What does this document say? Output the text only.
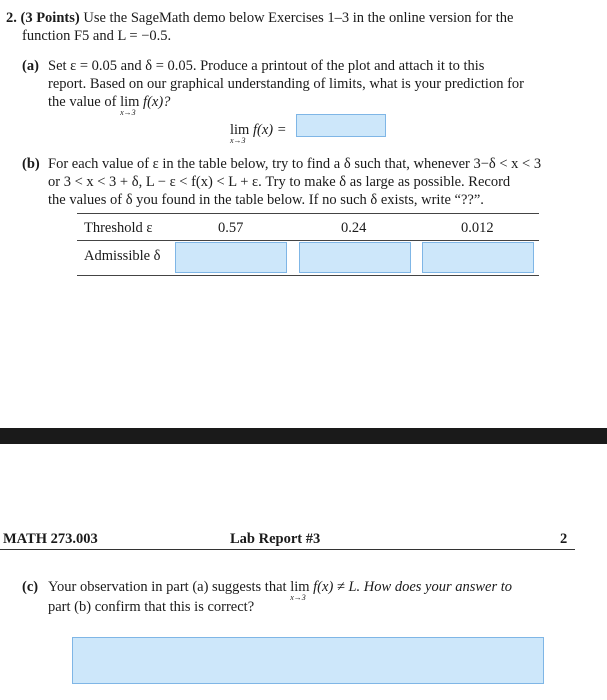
2. (3 Points) Use the SageMath demo below Exercises 1–3 in the online version for the
function F5 and L = −0.5.
(a) Set ε = 0.05 and δ = 0.05. Produce a printout of the plot and attach it to this
report. Based on our graphical understanding of limits, what is your prediction for
the value of lim
x→3
f(x)?
lim
x→3
f(x) =
(b) For each value of ε in the table below, try to find a δ such that, whenever 3−δ < x < 3
or 3 < x < 3 + δ, L − ε < f(x) < L + ε. Try to make δ as large as possible. Record
the values of δ you found in the table below. If no such δ exists, write “??”.
Threshold ε	0.57	0.24	0.012
Admissible δ
MATH 273.003	Lab Report #3	2
(c) Your observation in part (a) suggests that lim
x→3
f(x) ≠ L. How does your answer to
part (b) confirm that this is correct?
